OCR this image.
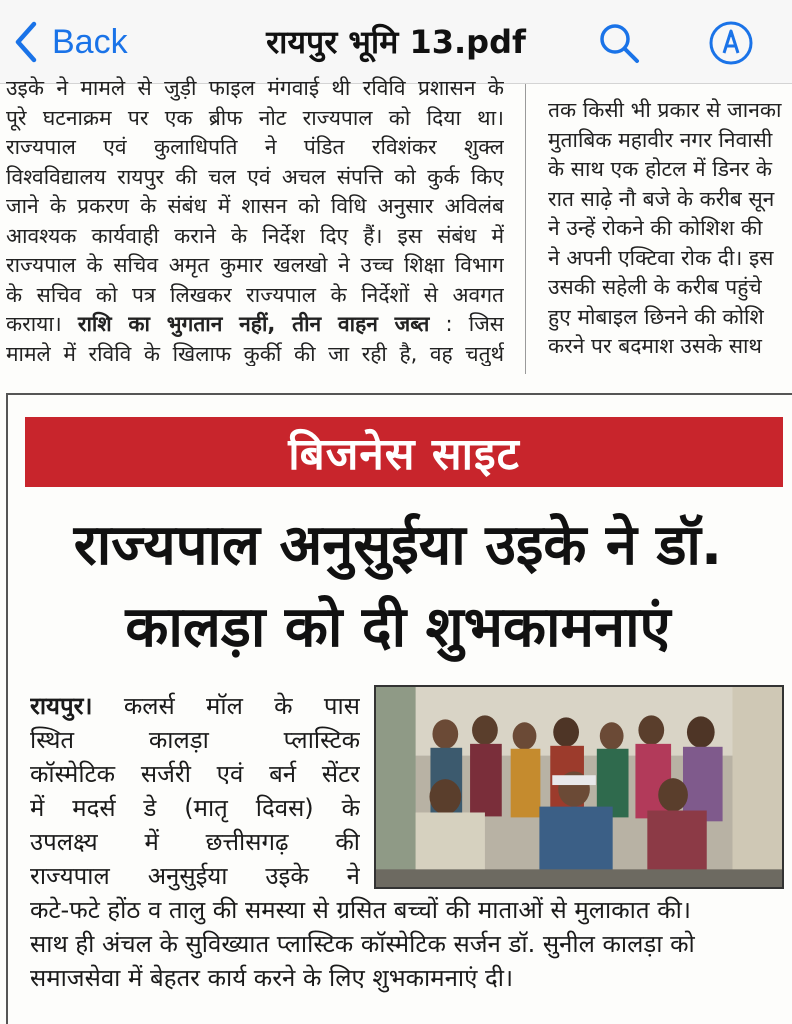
Back	रायपुर भूमि 13.pdf
उइके ने मामले से जुड़ी फाइल मंगवाई थी रविवि प्रशासन के
पूरे घटनाक्रम पर एक ब्रीफ नोट राज्यपाल को दिया था।
राज्यपाल एवं कुलाधिपति ने पंडित रविशंकर शुक्ल
विश्वविद्यालय रायपुर की चल एवं अचल संपत्ति को कुर्क किए
जाने के प्रकरण के संबंध में शासन को विधि अनुसार अविलंब
आवश्यक कार्यवाही कराने के निर्देश दिए हैं। इस संबंध में
राज्यपाल के सचिव अमृत कुमार खलखो ने उच्च शिक्षा विभाग
के सचिव को पत्र लिखकर राज्यपाल के निर्देशों से अवगत
कराया। राशि का भुगतान नहीं, तीन वाहन जब्त : जिस
मामले में रविवि के खिलाफ कुर्की की जा रही है, वह चतुर्थ
तक किसी भी प्रकार से जानका
मुताबिक महावीर नगर निवासी
के साथ एक होटल में डिनर के
रात साढ़े नौ बजे के करीब सून
ने उन्हें रोकने की कोशिश की
ने अपनी एक्टिवा रोक दी। इस
उसकी सहेली के करीब पहुंचे
हुए मोबाइल छिनने की कोशि
करने पर बदमाश उसके साथ
बिजनेस साइट
राज्यपाल अनुसुईया उइके ने डॉ.
कालड़ा को दी शुभकामनाएं
रायपुर। कलर्स मॉल के पास
स्थित कालड़ा प्लास्टिक
कॉस्मेटिक सर्जरी एवं बर्न सेंटर
में मदर्स डे (मातृ दिवस) के
उपलक्ष्य में छत्तीसगढ़ की
राज्यपाल अनुसुईया उइके ने
कटे-फटे होंठ व तालु की समस्या से ग्रसित बच्चों की माताओं से मुलाकात की।
साथ ही अंचल के सुविख्यात प्लास्टिक कॉस्मेटिक सर्जन डॉ. सुनील कालड़ा को
समाजसेवा में बेहतर कार्य करने के लिए शुभकामनाएं दी।
